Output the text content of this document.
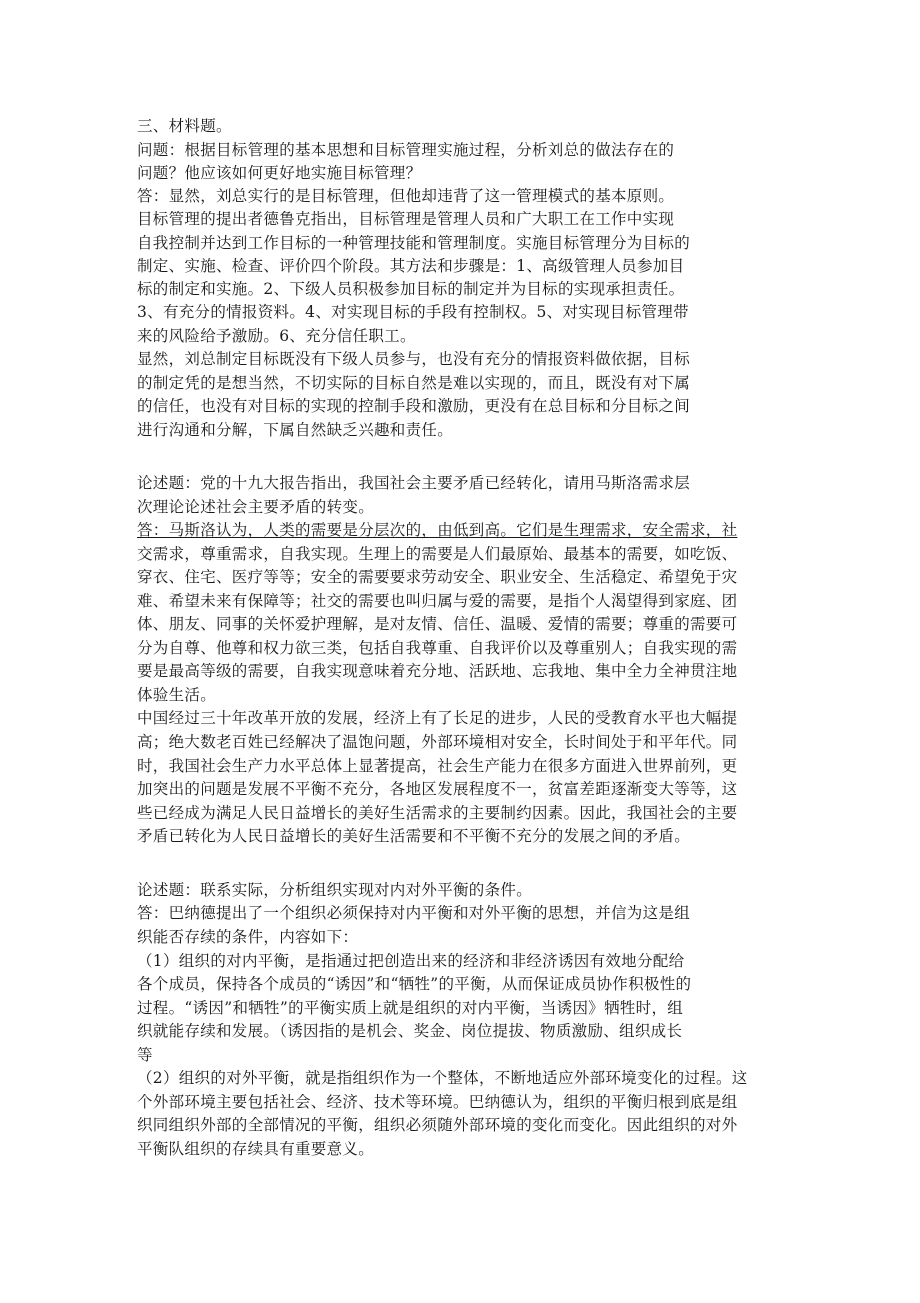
三、材料题。

问题：根据目标管理的基本思想和目标管理实施过程，分析刘总的做法存在的

问题？他应该如何更好地实施目标管理？

答：显然，刘总实行的是目标管理，但他却违背了这一管理模式的基本原则。

目标管理的提出者德鲁克指出，目标管理是管理人员和广大职工在工作中实现

自我控制并达到工作目标的一种管理技能和管理制度。实施目标管理分为目标的

制定、实施、检查、评价四个阶段。其方法和步骤是：1、高级管理人员参加目

标的制定和实施。2、下级人员积极参加目标的制定并为目标的实现承担责任。

3、有充分的情报资料。4、对实现目标的手段有控制权。5、对实现目标管理带

来的风险给予激励。6、充分信任职工。

显然，刘总制定目标既没有下级人员参与，也没有充分的情报资料做依据，目标

的制定凭的是想当然，不切实际的目标自然是难以实现的，而且，既没有对下属

的信任，也没有对目标的实现的控制手段和激励，更没有在总目标和分目标之间

进行沟通和分解，下属自然缺乏兴趣和责任。

论述题：党的十九大报告指出，我国社会主要矛盾已经转化，请用马斯洛需求层

次理论论述社会主要矛盾的转变。

答：马斯洛认为，人类的需要是分层次的，由低到高。它们是生理需求，安全需求，社

交需求，尊重需求，自我实现。生理上的需要是人们最原始、最基本的需要，如吃饭、

穿衣、住宅、医疗等等；安全的需要要求劳动安全、职业安全、生活稳定、希望免于灾

难、希望未来有保障等；社交的需要也叫归属与爱的需要，是指个人渴望得到家庭、团

体、朋友、同事的关怀爱护理解，是对友情、信任、温暖、爱情的需要；尊重的需要可

分为自尊、他尊和权力欲三类，包括自我尊重、自我评价以及尊重别人；自我实现的需

要是最高等级的需要，自我实现意味着充分地、活跃地、忘我地、集中全力全神贯注地

体验生活。

中国经过三十年改革开放的发展，经济上有了长足的进步，人民的受教育水平也大幅提

高；绝大数老百姓已经解决了温饱问题，外部环境相对安全，长时间处于和平年代。同

时，我国社会生产力水平总体上显著提高，社会生产能力在很多方面进入世界前列，更

加突出的问题是发展不平衡不充分，各地区发展程度不一，贫富差距逐渐变大等等，这

些已经成为满足人民日益增长的美好生活需求的主要制约因素。因此，我国社会的主要

矛盾已转化为人民日益增长的美好生活需要和不平衡不充分的发展之间的矛盾。

论述题：联系实际，分析组织实现对内对外平衡的条件。

答：巴纳德提出了一个组织必须保持对内平衡和对外平衡的思想，并信为这是组

织能否存续的条件，内容如下：

（1）组织的对内平衡，是指通过把创造出来的经济和非经济诱因有效地分配给

各个成员，保持各个成员的“诱因”和“牺牲”的平衡，从而保证成员协作积极性的

过程。“诱因”和牺牲”的平衡实质上就是组织的对内平衡，当诱因》牺牲时，组

织就能存续和发展。（诱因指的是机会、奖金、岗位提拔、物质激励、组织成长

等

（2）组织的对外平衡，就是指组织作为一个整体，不断地适应外部环境变化的过程。这

个外部环境主要包括社会、经济、技术等环境。巴纳德认为，组织的平衡归根到底是组

织同组织外部的全部情况的平衡，组织必须随外部环境的变化而变化。因此组织的对外

平衡队组织的存续具有重要意义。
